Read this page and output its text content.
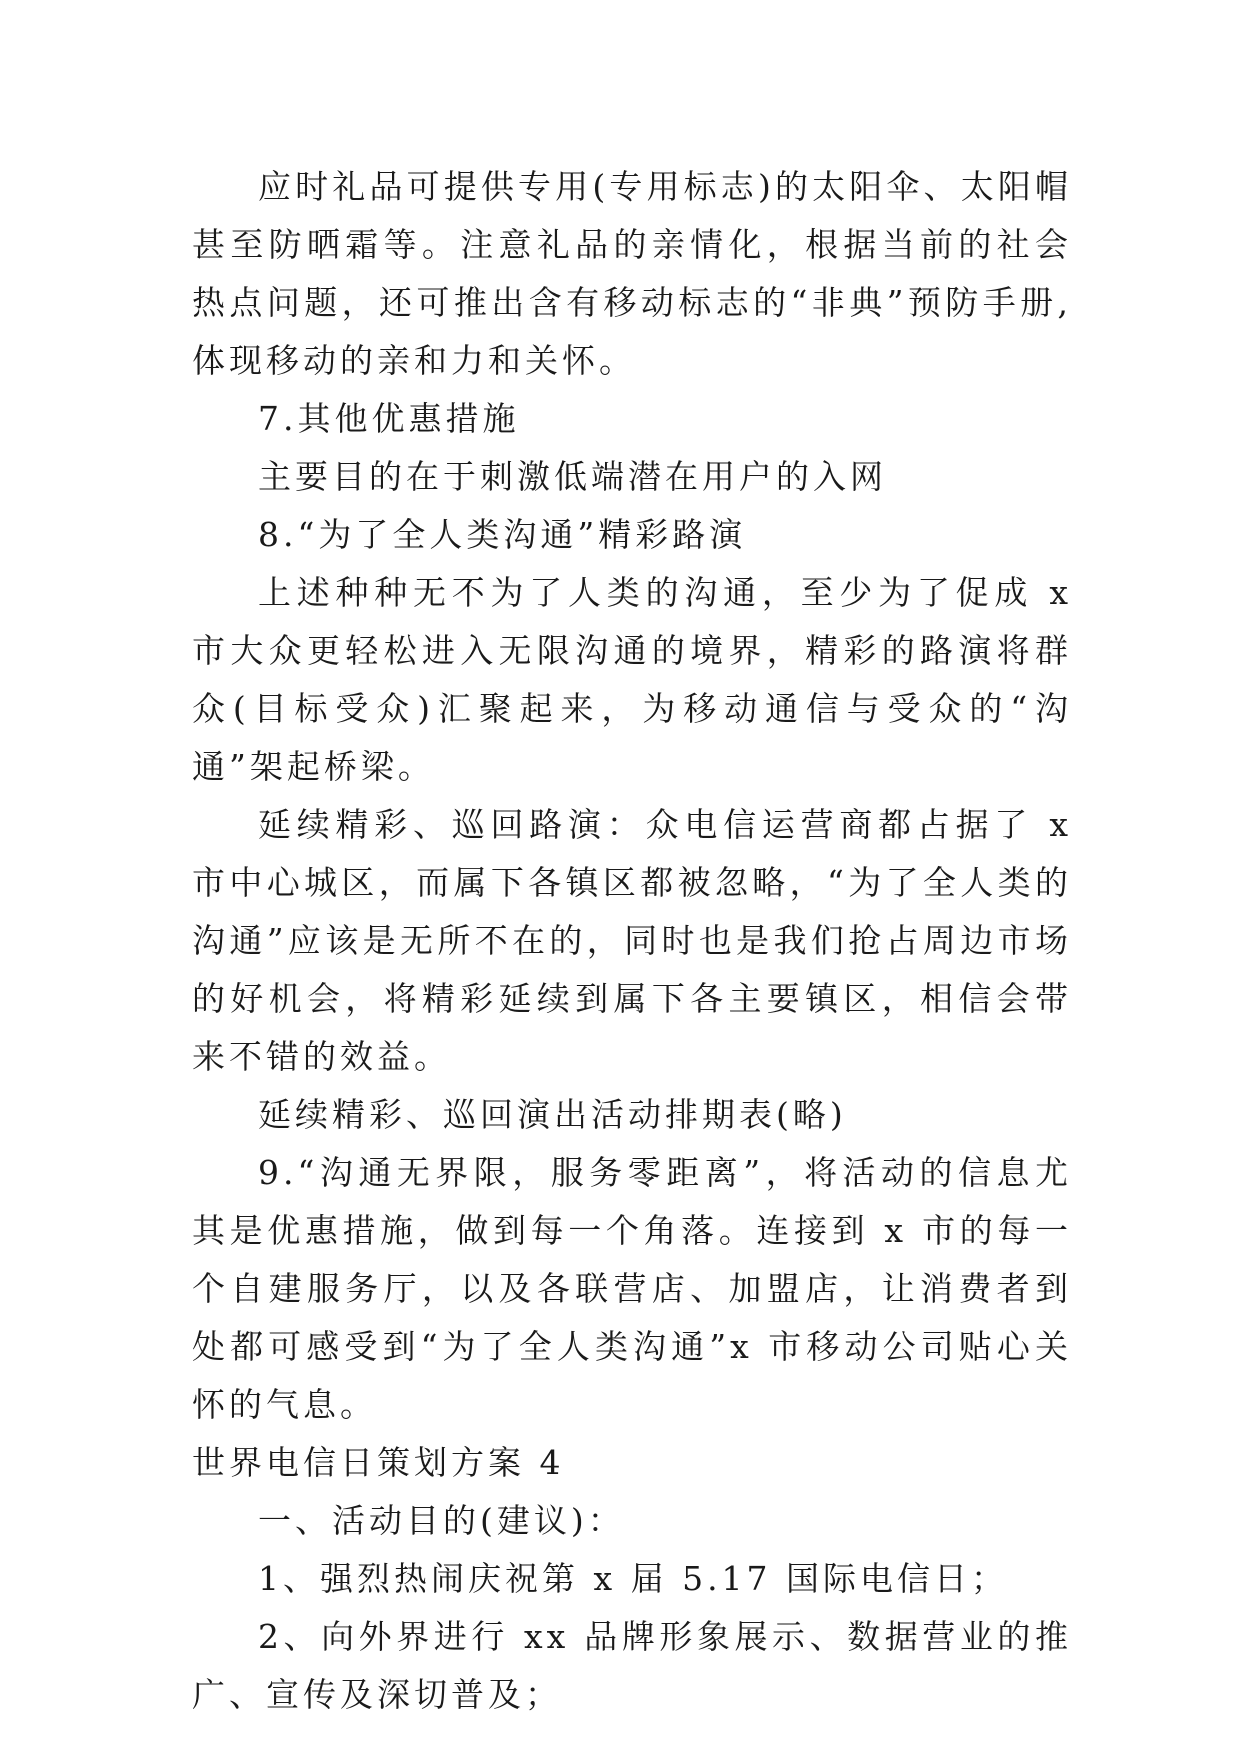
应时礼品可提供专用(专用标志)的太阳伞、太阳帽甚至防晒霜等。注意礼品的亲情化，根据当前的社会热点问题，还可推出含有移动标志的“非典”预防手册,体现移动的亲和力和关怀。

7.其他优惠措施

主要目的在于刺激低端潜在用户的入网

8.“为了全人类沟通”精彩路演

上述种种无不为了人类的沟通，至少为了促成 x 市大众更轻松进入无限沟通的境界，精彩的路演将群众(目标受众)汇聚起来，为移动通信与受众的“沟通”架起桥梁。

延续精彩、巡回路演：众电信运营商都占据了 x 市中心城区，而属下各镇区都被忽略，“为了全人类的沟通”应该是无所不在的，同时也是我们抢占周边市场的好机会，将精彩延续到属下各主要镇区，相信会带来不错的效益。

延续精彩、巡回演出活动排期表(略)

9.“沟通无界限，服务零距离”，将活动的信息尤其是优惠措施，做到每一个角落。连接到 x 市的每一个自建服务厅，以及各联营店、加盟店，让消费者到处都可感受到“为了全人类沟通”x 市移动公司贴心关怀的气息。

世界电信日策划方案 4

一、活动目的(建议)：

1、强烈热闹庆祝第 x 届 5.17 国际电信日；

2、向外界进行 xx 品牌形象展示、数据营业的推广、宣传及深切普及；
